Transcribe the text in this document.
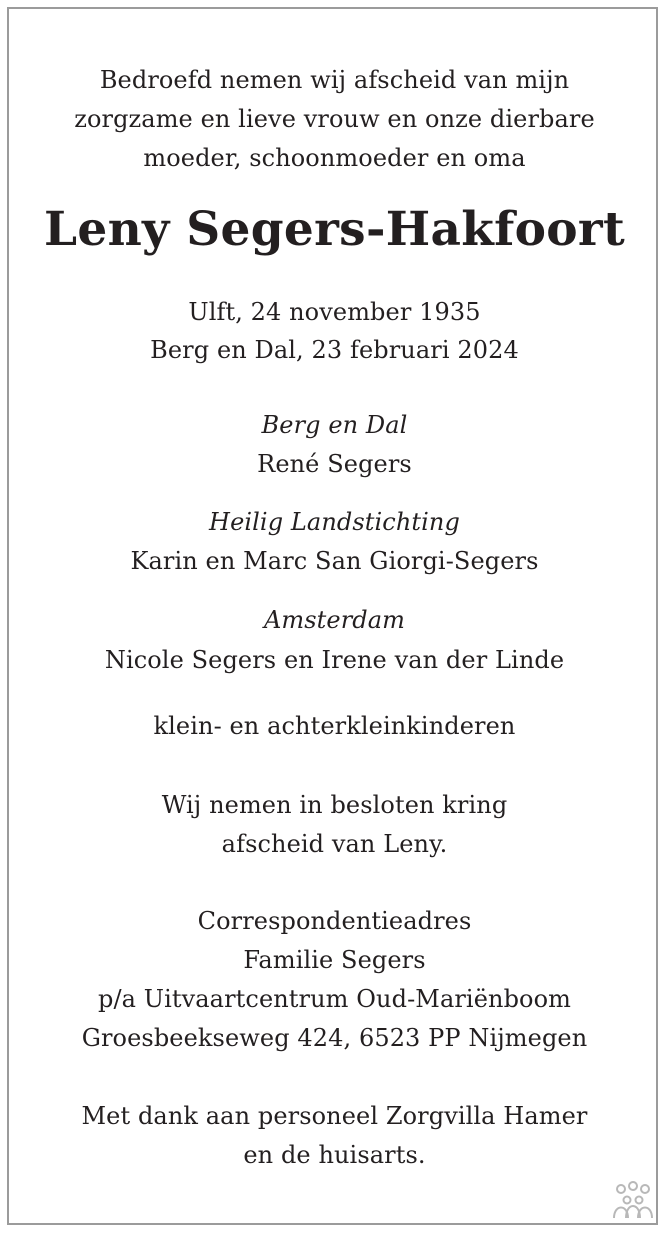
Bedroefd nemen wij afscheid van mijn
zorgzame en lieve vrouw en onze dierbare
moeder, schoonmoeder en oma
Leny Segers-Hakfoort
Ulft, 24 november 1935
Berg en Dal, 23 februari 2024
Berg en Dal
René Segers
Heilig Landstichting
Karin en Marc San Giorgi-Segers
Amsterdam
Nicole Segers en Irene van der Linde
klein- en achterkleinkinderen
Wij nemen in besloten kring
afscheid van Leny.
Correspondentieadres
Familie Segers
p/a Uitvaartcentrum Oud-Mariënboom
Groesbeekseweg 424, 6523 PP Nijmegen
Met dank aan personeel Zorgvilla Hamer
en de huisarts.
